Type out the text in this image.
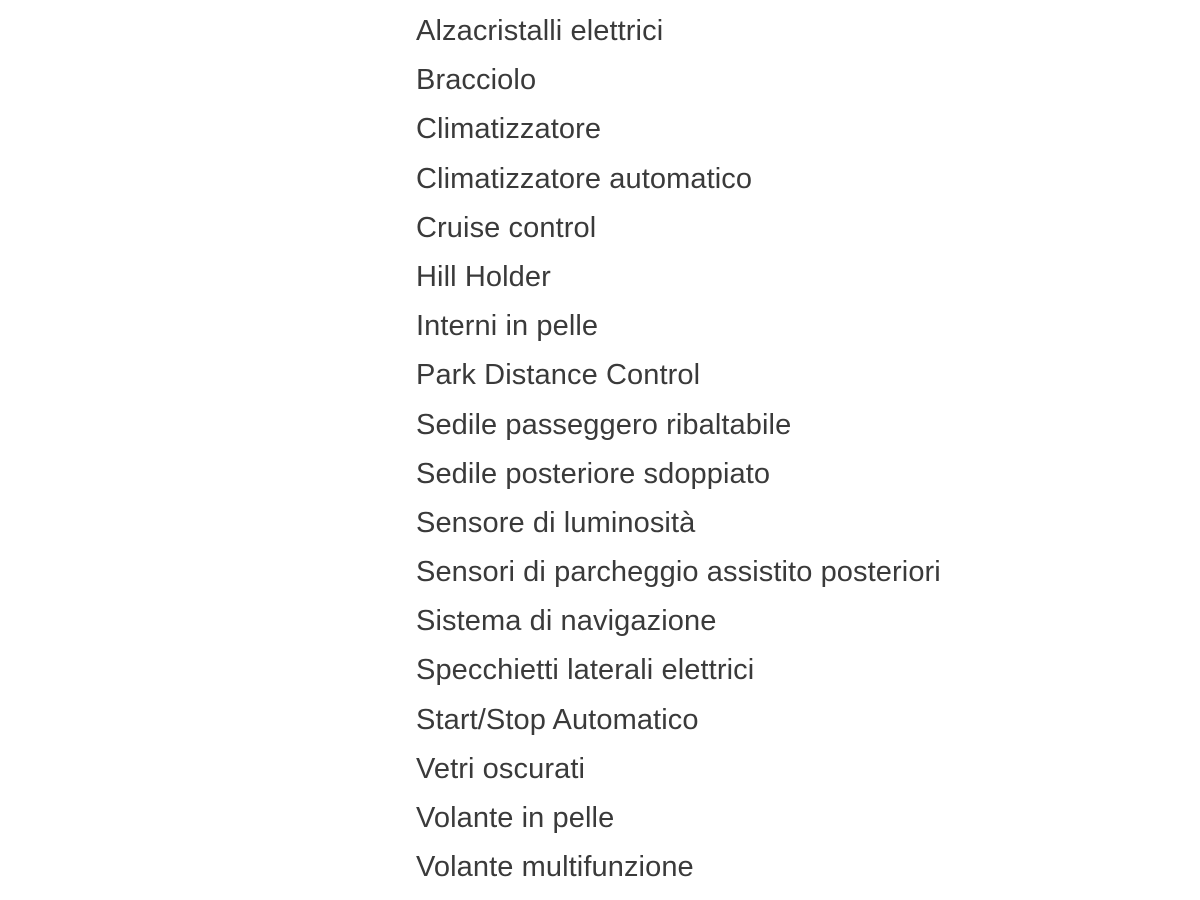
Alzacristalli elettrici
Bracciolo
Climatizzatore
Climatizzatore automatico
Cruise control
Hill Holder
Interni in pelle
Park Distance Control
Sedile passeggero ribaltabile
Sedile posteriore sdoppiato
Sensore di luminosità
Sensori di parcheggio assistito posteriori
Sistema di navigazione
Specchietti laterali elettrici
Start/Stop Automatico
Vetri oscurati
Volante in pelle
Volante multifunzione
